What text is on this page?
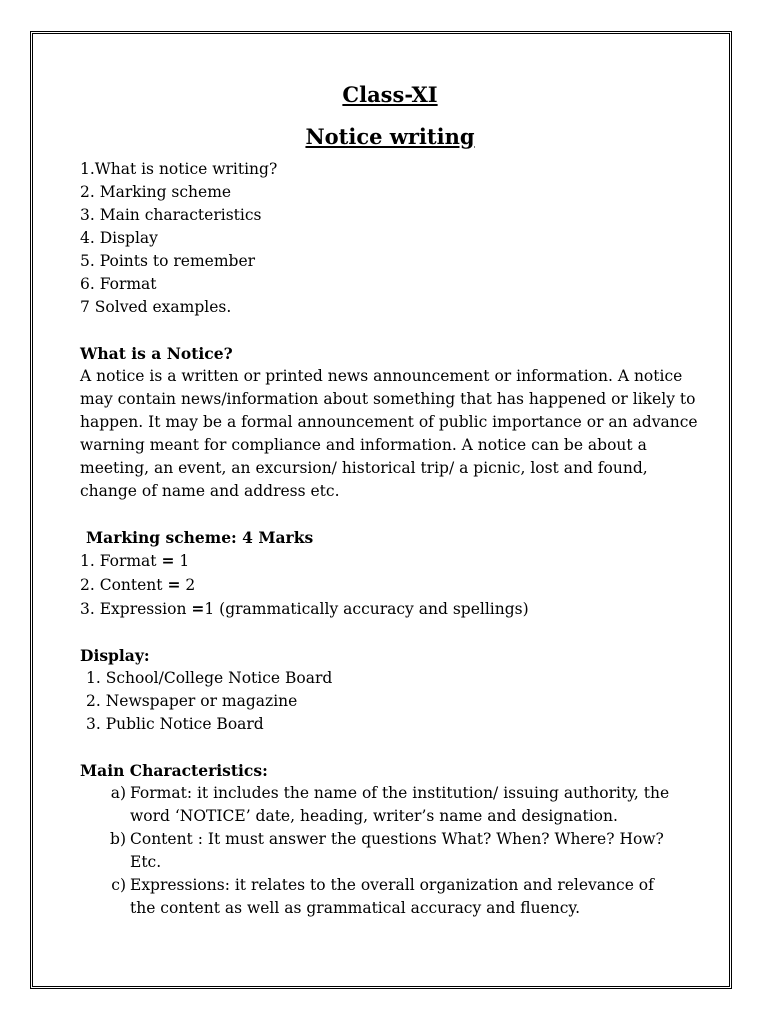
Class-XI

Notice writing

1.What is notice writing?

2. Marking scheme

3. Main characteristics

4. Display

5. Points to remember

6. Format

7 Solved examples.

What is a Notice?

A notice is a written or printed news announcement or information. A notice may contain news/information about something that has happened or likely to happen. It may be a formal announcement of public importance or an advance warning meant for compliance and information. A notice can be about a meeting, an event, an excursion/ historical trip/ a picnic, lost and found, change of name and address etc.

Marking scheme: 4 Marks

1. Format = 1

2. Content = 2

3. Expression =1 (grammatically accuracy and spellings)

Display:

1. School/College Notice Board

2. Newspaper or magazine

3. Public Notice Board

Main Characteristics:

a) Format: it includes the name of the institution/ issuing authority, the word ‘NOTICE’ date, heading, writer’s name and designation.
b) Content : It must answer the questions What? When? Where? How? Etc.
c) Expressions: it relates to the overall organization and relevance of the content as well as grammatical accuracy and fluency.
